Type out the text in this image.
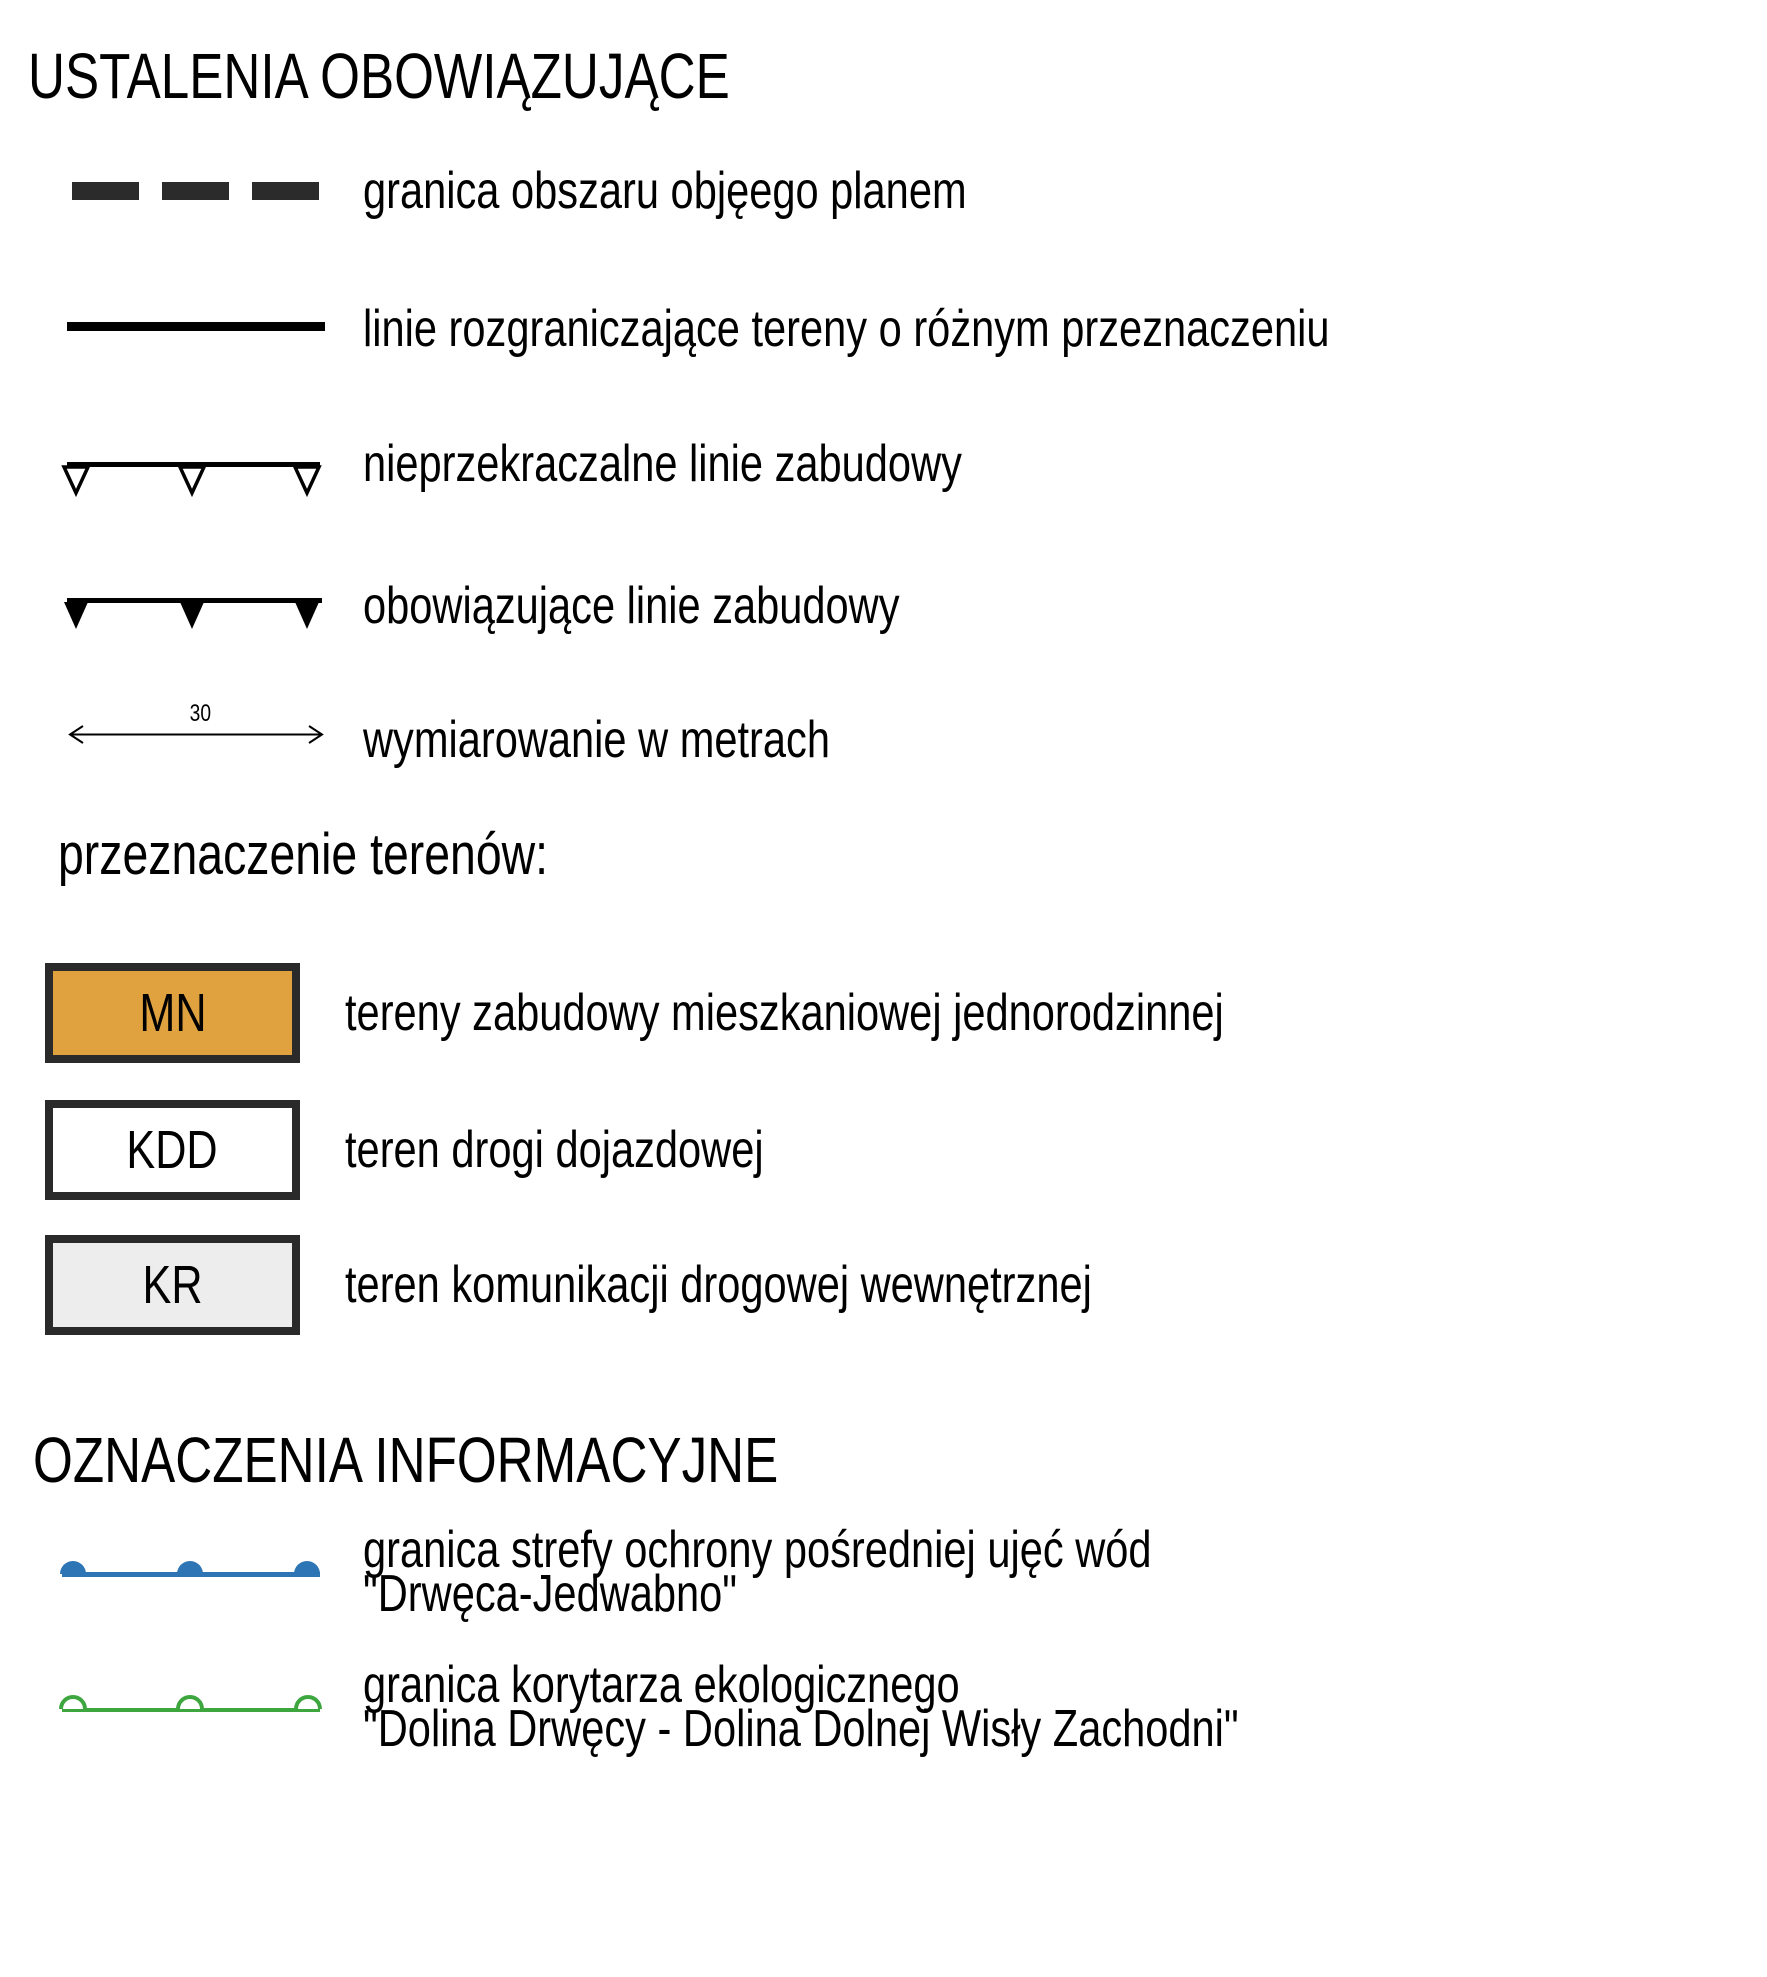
USTALENIA OBOWIĄZUJĄCE
granica obszaru objęego planem
linie rozgraniczające tereny o różnym przeznaczeniu
nieprzekraczalne linie zabudowy
obowiązujące linie zabudowy
30	wymiarowanie w metrach
przeznaczenie terenów:
MN	tereny zabudowy mieszkaniowej jednorodzinnej
KDD teren drogi dojazdowej
KR	teren komunikacji drogowej wewnętrznej
OZNACZENIA INFORMACYJNE
granica strefy ochrony pośredniej ujęć wód
"Drwęca-Jedwabno"
granica korytarza ekologicznego
"Dolina Drwęcy - Dolina Dolnej Wisły Zachodni"
